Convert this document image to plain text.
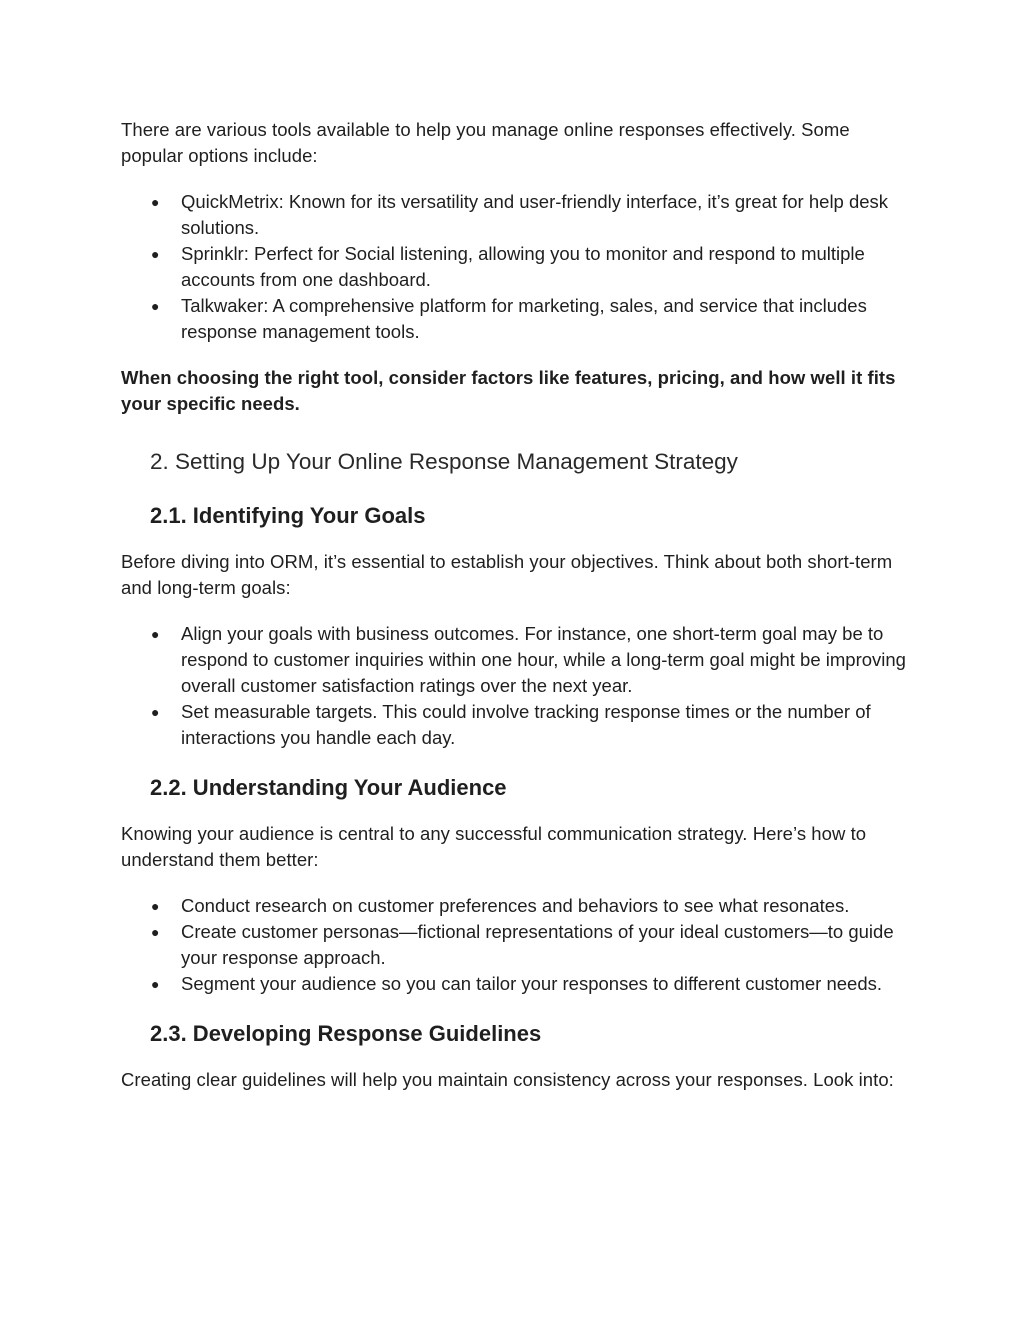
There are various tools available to help you manage online responses effectively. Some popular options include:

● QuickMetrix: Known for its versatility and user-friendly interface, it’s great for help desk solutions.
● Sprinklr: Perfect for Social listening, allowing you to monitor and respond to multiple accounts from one dashboard.
● Talkwaker: A comprehensive platform for marketing, sales, and service that includes response management tools.

When choosing the right tool, consider factors like features, pricing, and how well it fits your specific needs.

2. Setting Up Your Online Response Management Strategy
2.1. Identifying Your Goals

Before diving into ORM, it’s essential to establish your objectives. Think about both short-term and long-term goals:

● Align your goals with business outcomes. For instance, one short-term goal may be to respond to customer inquiries within one hour, while a long-term goal might be improving overall customer satisfaction ratings over the next year.
● Set measurable targets. This could involve tracking response times or the number of interactions you handle each day.
2.2. Understanding Your Audience

Knowing your audience is central to any successful communication strategy. Here’s how to understand them better:

● Conduct research on customer preferences and behaviors to see what resonates.
● Create customer personas—fictional representations of your ideal customers—to guide your response approach.
● Segment your audience so you can tailor your responses to different customer needs.
2.3. Developing Response Guidelines

Creating clear guidelines will help you maintain consistency across your responses. Look into:
